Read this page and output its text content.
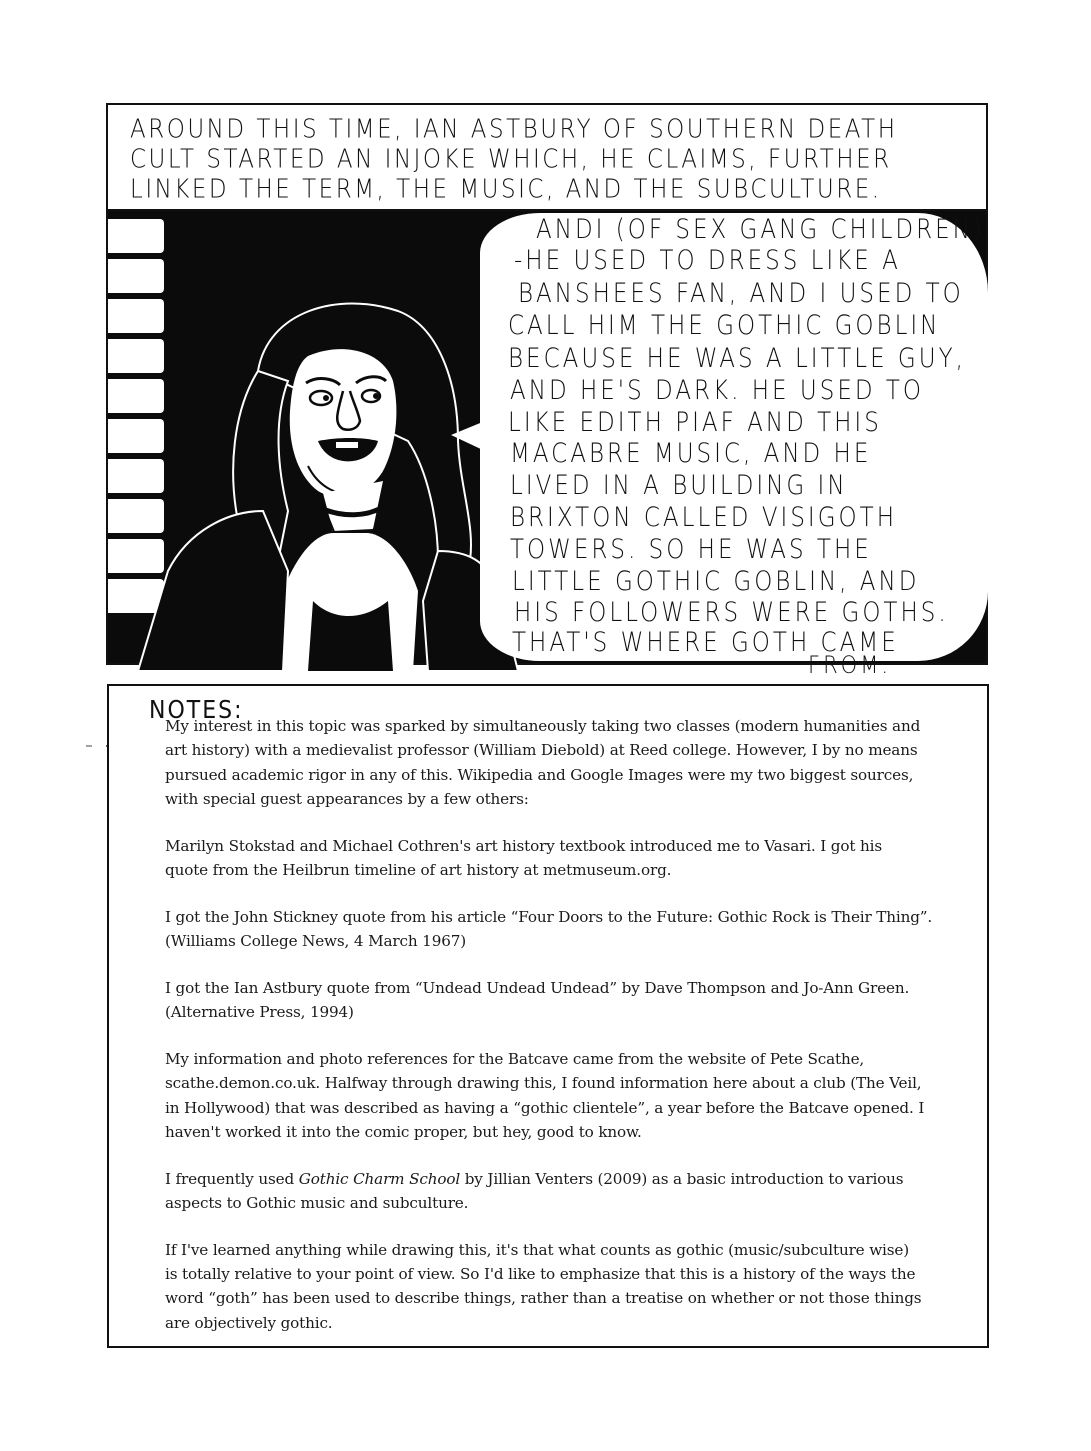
AROUND THIS TIME, IAN ASTBURY OF SOUTHERN DEATH
CULT STARTED AN INJOKE WHICH, HE CLAIMS, FURTHER
LINKED THE TERM, THE MUSIC, AND THE SUBCULTURE.
ANDI (OF SEX GANG CHILDREN)
-HE USED TO DRESS LIKE A
BANSHEES FAN, AND I USED TO
CALL HIM THE GOTHIC GOBLIN
BECAUSE HE WAS A LITTLE GUY,
AND HE'S DARK. HE USED TO
LIKE EDITH PIAF AND THIS
MACABRE MUSIC, AND HE
LIVED IN A BUILDING IN
BRIXTON CALLED VISIGOTH
TOWERS. SO HE WAS THE
LITTLE GOTHIC GOBLIN, AND
HIS FOLLOWERS WERE GOTHS.
THAT'S WHERE GOTH CAME
FROM.
NOTES:

My interest in this topic was sparked by simultaneously taking two classes (modern humanities and
art history) with a medievalist professor (William Diebold) at Reed college. However, I by no means
pursued academic rigor in any of this. Wikipedia and Google Images were my two biggest sources,
with special guest appearances by a few others:

Marilyn Stokstad and Michael Cothren's art history textbook introduced me to Vasari. I got his
quote from the Heilbrun timeline of art history at metmuseum.org.

I got the John Stickney quote from his article “Four Doors to the Future: Gothic Rock is Their Thing”.
(Williams College News, 4 March 1967)

I got the Ian Astbury quote from “Undead Undead Undead” by Dave Thompson and Jo-Ann Green.
(Alternative Press, 1994)

My information and photo references for the Batcave came from the website of Pete Scathe,
scathe.demon.co.uk. Halfway through drawing this, I found information here about a club (The Veil,
in Hollywood) that was described as having a “gothic clientele”, a year before the Batcave opened. I
haven't worked it into the comic proper, but hey, good to know.

I frequently used Gothic Charm School by Jillian Venters (2009) as a basic introduction to various
aspects to Gothic music and subculture.

If I've learned anything while drawing this, it's that what counts as gothic (music/subculture wise)
is totally relative to your point of view. So I'd like to emphasize that this is a history of the ways the
word “goth” has been used to describe things, rather than a treatise on whether or not those things
are objectively gothic.
